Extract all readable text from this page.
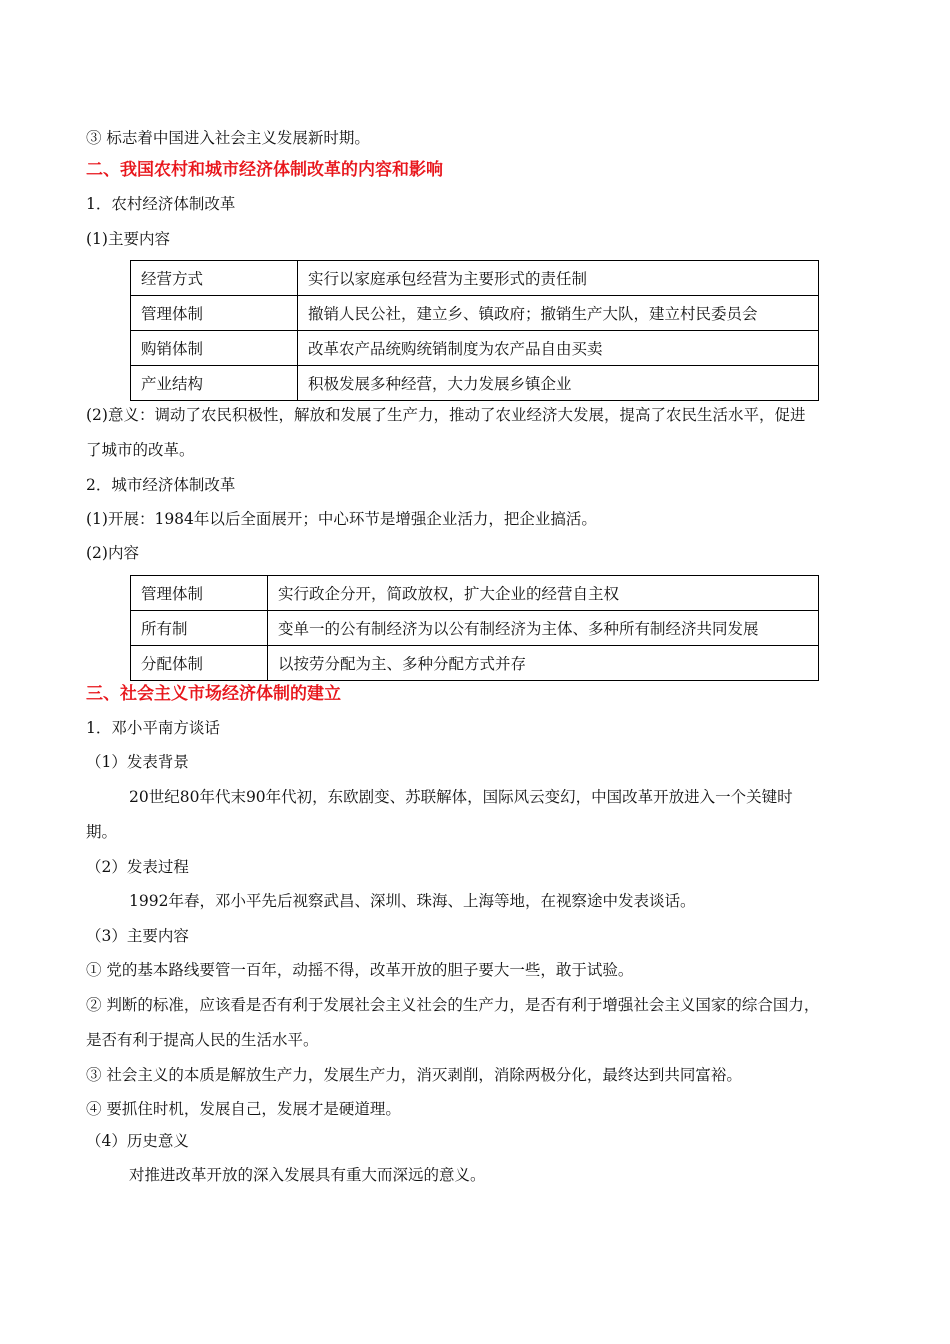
③ 标志着中国进入社会主义发展新时期。
二、我国农村和城市经济体制改革的内容和影响
1．农村经济体制改革
(1)主要内容
经营方式	实行以家庭承包经营为主要形式的责任制
管理体制	撤销人民公社，建立乡、镇政府；撤销生产大队，建立村民委员会
购销体制	改革农产品统购统销制度为农产品自由买卖
产业结构	积极发展多种经营，大力发展乡镇企业
(2)意义：调动了农民积极性，解放和发展了生产力，推动了农业经济大发展，提高了农民生活水平，促进
了城市的改革。
2．城市经济体制改革
(1)开展：1984年以后全面展开；中心环节是增强企业活力，把企业搞活。
(2)内容
管理体制	实行政企分开，简政放权，扩大企业的经营自主权
所有制	变单一的公有制经济为以公有制经济为主体、多种所有制经济共同发展
分配体制	以按劳分配为主、多种分配方式并存
三、社会主义市场经济体制的建立
1．邓小平南方谈话
（1）发表背景
20世纪80年代末90年代初，东欧剧变、苏联解体，国际风云变幻，中国改革开放进入一个关键时
期。
（2）发表过程
1992年春，邓小平先后视察武昌、深圳、珠海、上海等地，在视察途中发表谈话。
（3）主要内容
① 党的基本路线要管一百年，动摇不得，改革开放的胆子要大一些，敢于试验。
② 判断的标准，应该看是否有利于发展社会主义社会的生产力，是否有利于增强社会主义国家的综合国力，
是否有利于提高人民的生活水平。
③ 社会主义的本质是解放生产力，发展生产力，消灭剥削，消除两极分化，最终达到共同富裕。
④ 要抓住时机，发展自己，发展才是硬道理。
（4）历史意义
对推进改革开放的深入发展具有重大而深远的意义。
